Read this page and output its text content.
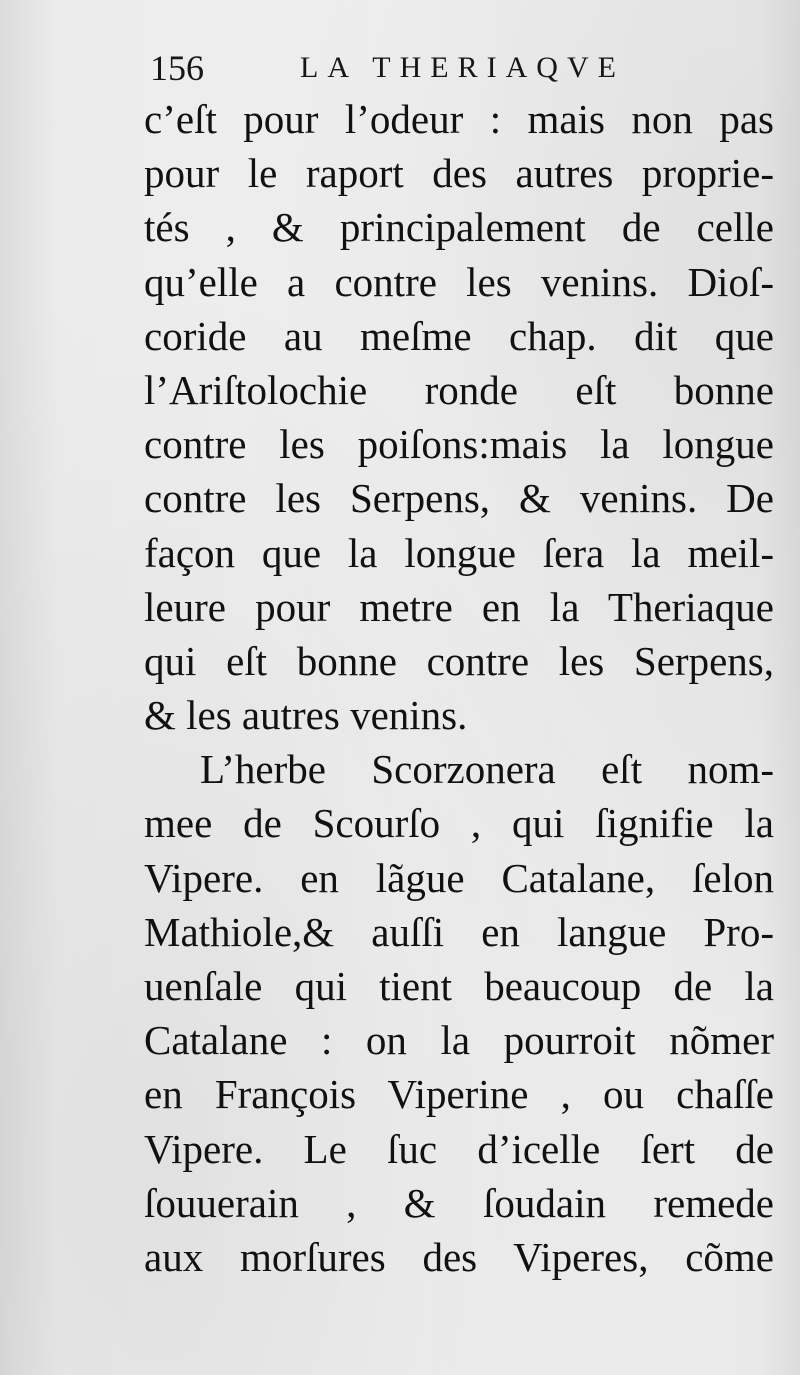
156	LA THERIAQVE
c’eſt pour l’odeur : mais non pas
pour le raport des autres proprie-
tés , & principalement de celle
qu’elle a contre les venins. Dioſ-
coride au meſme chap. dit que
l’Ariſtolochie ronde eſt bonne
contre les poiſons:mais la longue
contre les Serpens, & venins. De
façon que la longue ſera la meil-
leure pour metre en la Theriaque
qui eſt bonne contre les Serpens,
& les autres venins.
L’herbe Scorzonera eſt nom-
mee de Scourſo , qui ſignifie la
Vipere. en lãgue Catalane, ſelon
Mathiole,& auſſi en langue Pro-
uenſale qui tient beaucoup de la
Catalane : on la pourroit nõmer
en François Viperine , ou chaſſe
Vipere. Le ſuc d’icelle ſert de
ſouuerain , & ſoudain remede
aux morſures des Viperes, cõme
